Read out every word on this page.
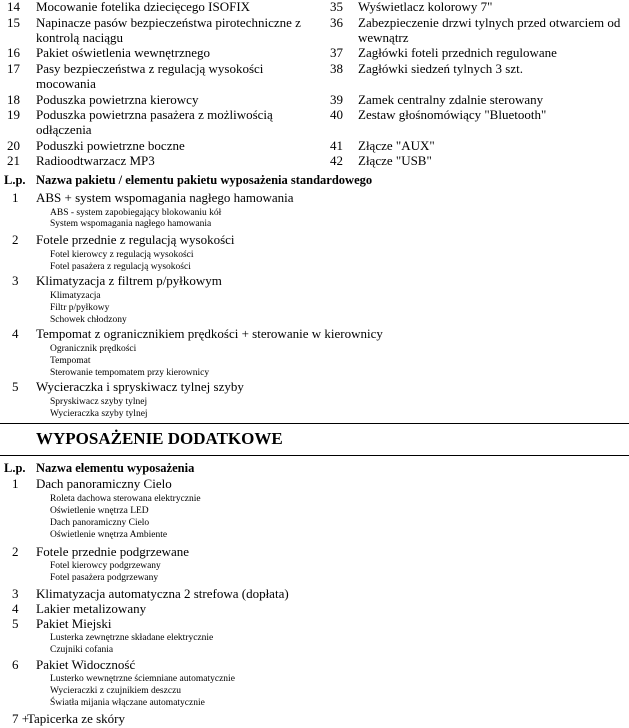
14 Mocowanie fotelika dziecięcego ISOFIX
15 Napinacze pasów bezpieczeństwa pirotechniczne z
kontrolą naciągu
16 Pakiet oświetlenia wewnętrznego
17 Pasy bezpieczeństwa z regulacją wysokości
mocowania
18 Poduszka powietrzna kierowcy
19 Poduszka powietrzna pasażera z możliwością
odłączenia
20 Poduszki powietrzne boczne
21 Radioodtwarzacz MP3
35 Wyświetlacz kolorowy 7"
36 Zabezpieczenie drzwi tylnych przed otwarciem od
wewnątrz
37 Zagłówki foteli przednich regulowane
38 Zagłówki siedzeń tylnych 3 szt.
39 Zamek centralny zdalnie sterowany
40 Zestaw głośnomówiący "Bluetooth"
41 Złącze "AUX"
42 Złącze "USB"
L.p. Nazwa pakietu / elementu pakietu wyposażenia standardowego
1 ABS + system wspomagania nagłego hamowania
ABS - system zapobiegający blokowaniu kół
System wspomagania nagłego hamowania
2 Fotele przednie z regulacją wysokości
Fotel kierowcy z regulacją wysokości
Fotel pasażera z regulacją wysokości
3 Klimatyzacja z filtrem p/pyłkowym
Klimatyzacja
Filtr p/pyłkowy
Schowek chłodzony
4 Tempomat z ogranicznikiem prędkości + sterowanie w kierownicy
Ogranicznik prędkości
Tempomat
Sterowanie tempomatem przy kierownicy
5 Wycieraczka i spryskiwacz tylnej szyby
Spryskiwacz szyby tylnej
Wycieraczka szyby tylnej
WYPOSAŻENIE DODATKOWE
L.p. Nazwa elementu wyposażenia
1 Dach panoramiczny Cielo
Roleta dachowa sterowana elektrycznie
Oświetlenie wnętrza LED
Dach panoramiczny Cielo
Oświetlenie wnętrza Ambiente
2 Fotele przednie podgrzewane
Fotel kierowcy podgrzewany
Fotel pasażera podgrzewany
3 Klimatyzacja automatyczna 2 strefowa (dopłata)
4 Lakier metalizowany
5 Pakiet Miejski
Lusterka zewnętrzne składane elektrycznie
Czujniki cofania
6 Pakiet Widoczność
Lusterko wewnętrzne ściemniane automatycznie
Wycieraczki z czujnikiem deszczu
Światła mijania włączane automatycznie
7 +
Tapicerka ze skóry
